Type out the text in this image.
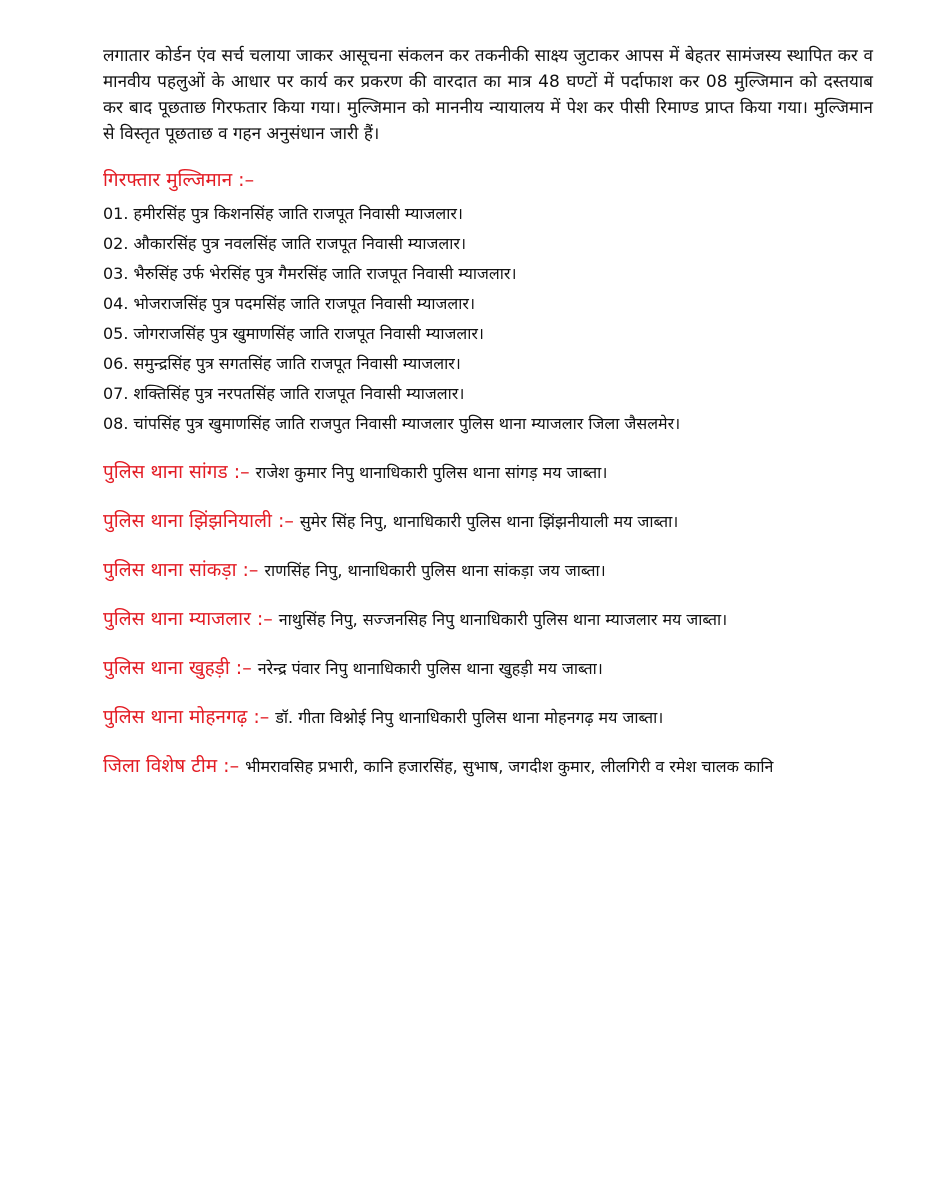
लगातार कोर्डन एंव सर्च चलाया जाकर आसूचना संकलन कर तकनीकी साक्ष्य जुटाकर आपस में बेहतर सामंजस्य स्थापित कर व मानवीय पहलुओं के आधार पर कार्य कर प्रकरण की वारदात का मात्र 48 घण्टों में पर्दाफाश कर 08 मुल्जिमान को दस्तयाब कर बाद पूछताछ गिरफतार किया गया। मुल्जिमान को माननीय न्यायालय में पेश कर पीसी रिमाण्ड प्राप्त किया गया। मुल्जिमान से विस्तृत पूछताछ व गहन अनुसंधान जारी हैं।

गिरफ्तार मुल्जिमान :–
01. हमीरसिंह पुत्र किशनसिंह जाति राजपूत निवासी म्याजलार।
02. औकारसिंह पुत्र नवलसिंह जाति राजपूत निवासी म्याजलार।
03. भैरुसिंह उर्फ भेरसिंह पुत्र गैमरसिंह जाति राजपूत निवासी म्याजलार।
04. भोजराजसिंह पुत्र पदमसिंह जाति राजपूत निवासी म्याजलार।
05. जोगराजसिंह पुत्र खुमाणसिंह जाति राजपूत निवासी म्याजलार।
06. समुन्द्रसिंह पुत्र सगतसिंह जाति राजपूत निवासी म्याजलार।
07. शक्तिसिंह पुत्र नरपतसिंह जाति राजपूत निवासी म्याजलार।
08. चांपसिंह पुत्र खुमाणसिंह जाति राजपुत निवासी म्याजलार पुलिस थाना म्याजलार जिला जैसलमेर।
पुलिस थाना सांगड :– राजेश कुमार निपु थानाधिकारी पुलिस थाना सांगड़ मय जाब्ता।
पुलिस थाना झिंझनियाली :– सुमेर सिंह निपु, थानाधिकारी पुलिस थाना झिंझनीयाली मय जाब्ता।
पुलिस थाना सांकड़ा :– राणसिंह निपु, थानाधिकारी पुलिस थाना सांकड़ा जय जाब्ता।
पुलिस थाना म्याजलार :– नाथुसिंह निपु, सज्जनसिह निपु थानाधिकारी पुलिस थाना म्याजलार मय जाब्ता।
पुलिस थाना खुहड़ी :– नरेन्द्र पंवार निपु थानाधिकारी पुलिस थाना खुहड़ी मय जाब्ता।
पुलिस थाना मोहनगढ़ :– डॉ. गीता विश्नोई निपु थानाधिकारी पुलिस थाना मोहनगढ़ मय जाब्ता।
जिला विशेष टीम :– भीमरावसिह प्रभारी, कानि हजारसिंह, सुभाष, जगदीश कुमार, लीलगिरी व रमेश चालक कानि
